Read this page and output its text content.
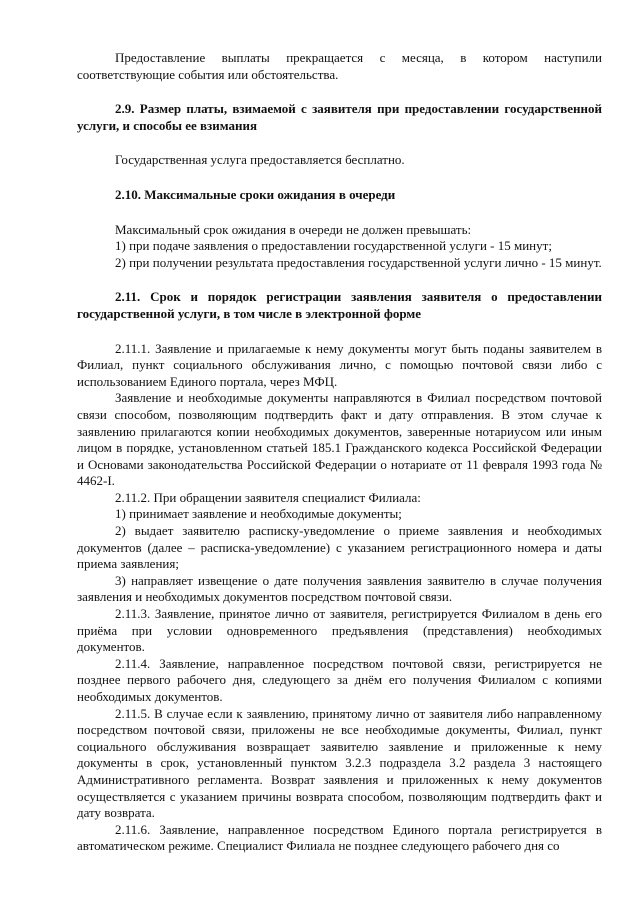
Предоставление выплаты прекращается с месяца, в котором наступили соответствующие события или обстоятельства.

2.9. Размер платы, взимаемой с заявителя при предоставлении государственной услуги, и способы ее взимания

Государственная услуга предоставляется бесплатно.

2.10. Максимальные сроки ожидания в очереди

Максимальный срок ожидания в очереди не должен превышать:

1) при подаче заявления о предоставлении государственной услуги - 15 минут;

2) при получении результата предоставления государственной услуги лично - 15 минут.

2.11. Срок и порядок регистрации заявления заявителя о предоставлении государственной услуги, в том числе в электронной форме

2.11.1. Заявление и прилагаемые к нему документы могут быть поданы заявителем в Филиал, пункт социального обслуживания лично, с помощью почтовой связи либо с использованием Единого портала, через МФЦ.

Заявление и необходимые документы направляются в Филиал посредством почтовой связи способом, позволяющим подтвердить факт и дату отправления. В этом случае к заявлению прилагаются копии необходимых документов, заверенные нотариусом или иным лицом в порядке, установленном статьей 185.1 Гражданского кодекса Российской Федерации и Основами законодательства Российской Федерации о нотариате от 11 февраля 1993 года № 4462-I.

2.11.2. При обращении заявителя специалист Филиала:

1) принимает заявление и необходимые документы;

2) выдает заявителю расписку-уведомление о приеме заявления и необходимых документов (далее – расписка-уведомление) с указанием регистрационного номера и даты приема заявления;

3) направляет извещение о дате получения заявления заявителю в случае получения заявления и необходимых документов посредством почтовой связи.

2.11.3. Заявление, принятое лично от заявителя, регистрируется Филиалом в день его приёма при условии одновременного предъявления (представления) необходимых документов.

2.11.4. Заявление, направленное посредством почтовой связи, регистрируется не позднее первого рабочего дня, следующего за днём его получения Филиалом с копиями необходимых документов.

2.11.5. В случае если к заявлению, принятому лично от заявителя либо направленному посредством почтовой связи, приложены не все необходимые документы, Филиал, пункт социального обслуживания возвращает заявителю заявление и приложенные к нему документы в срок, установленный пунктом 3.2.3 подраздела 3.2 раздела 3 настоящего Административного регламента. Возврат заявления и приложенных к нему документов осуществляется с указанием причины возврата способом, позволяющим подтвердить факт и дату возврата.

2.11.6. Заявление, направленное посредством Единого портала регистрируется в автоматическом режиме. Специалист Филиала не позднее следующего рабочего дня со
